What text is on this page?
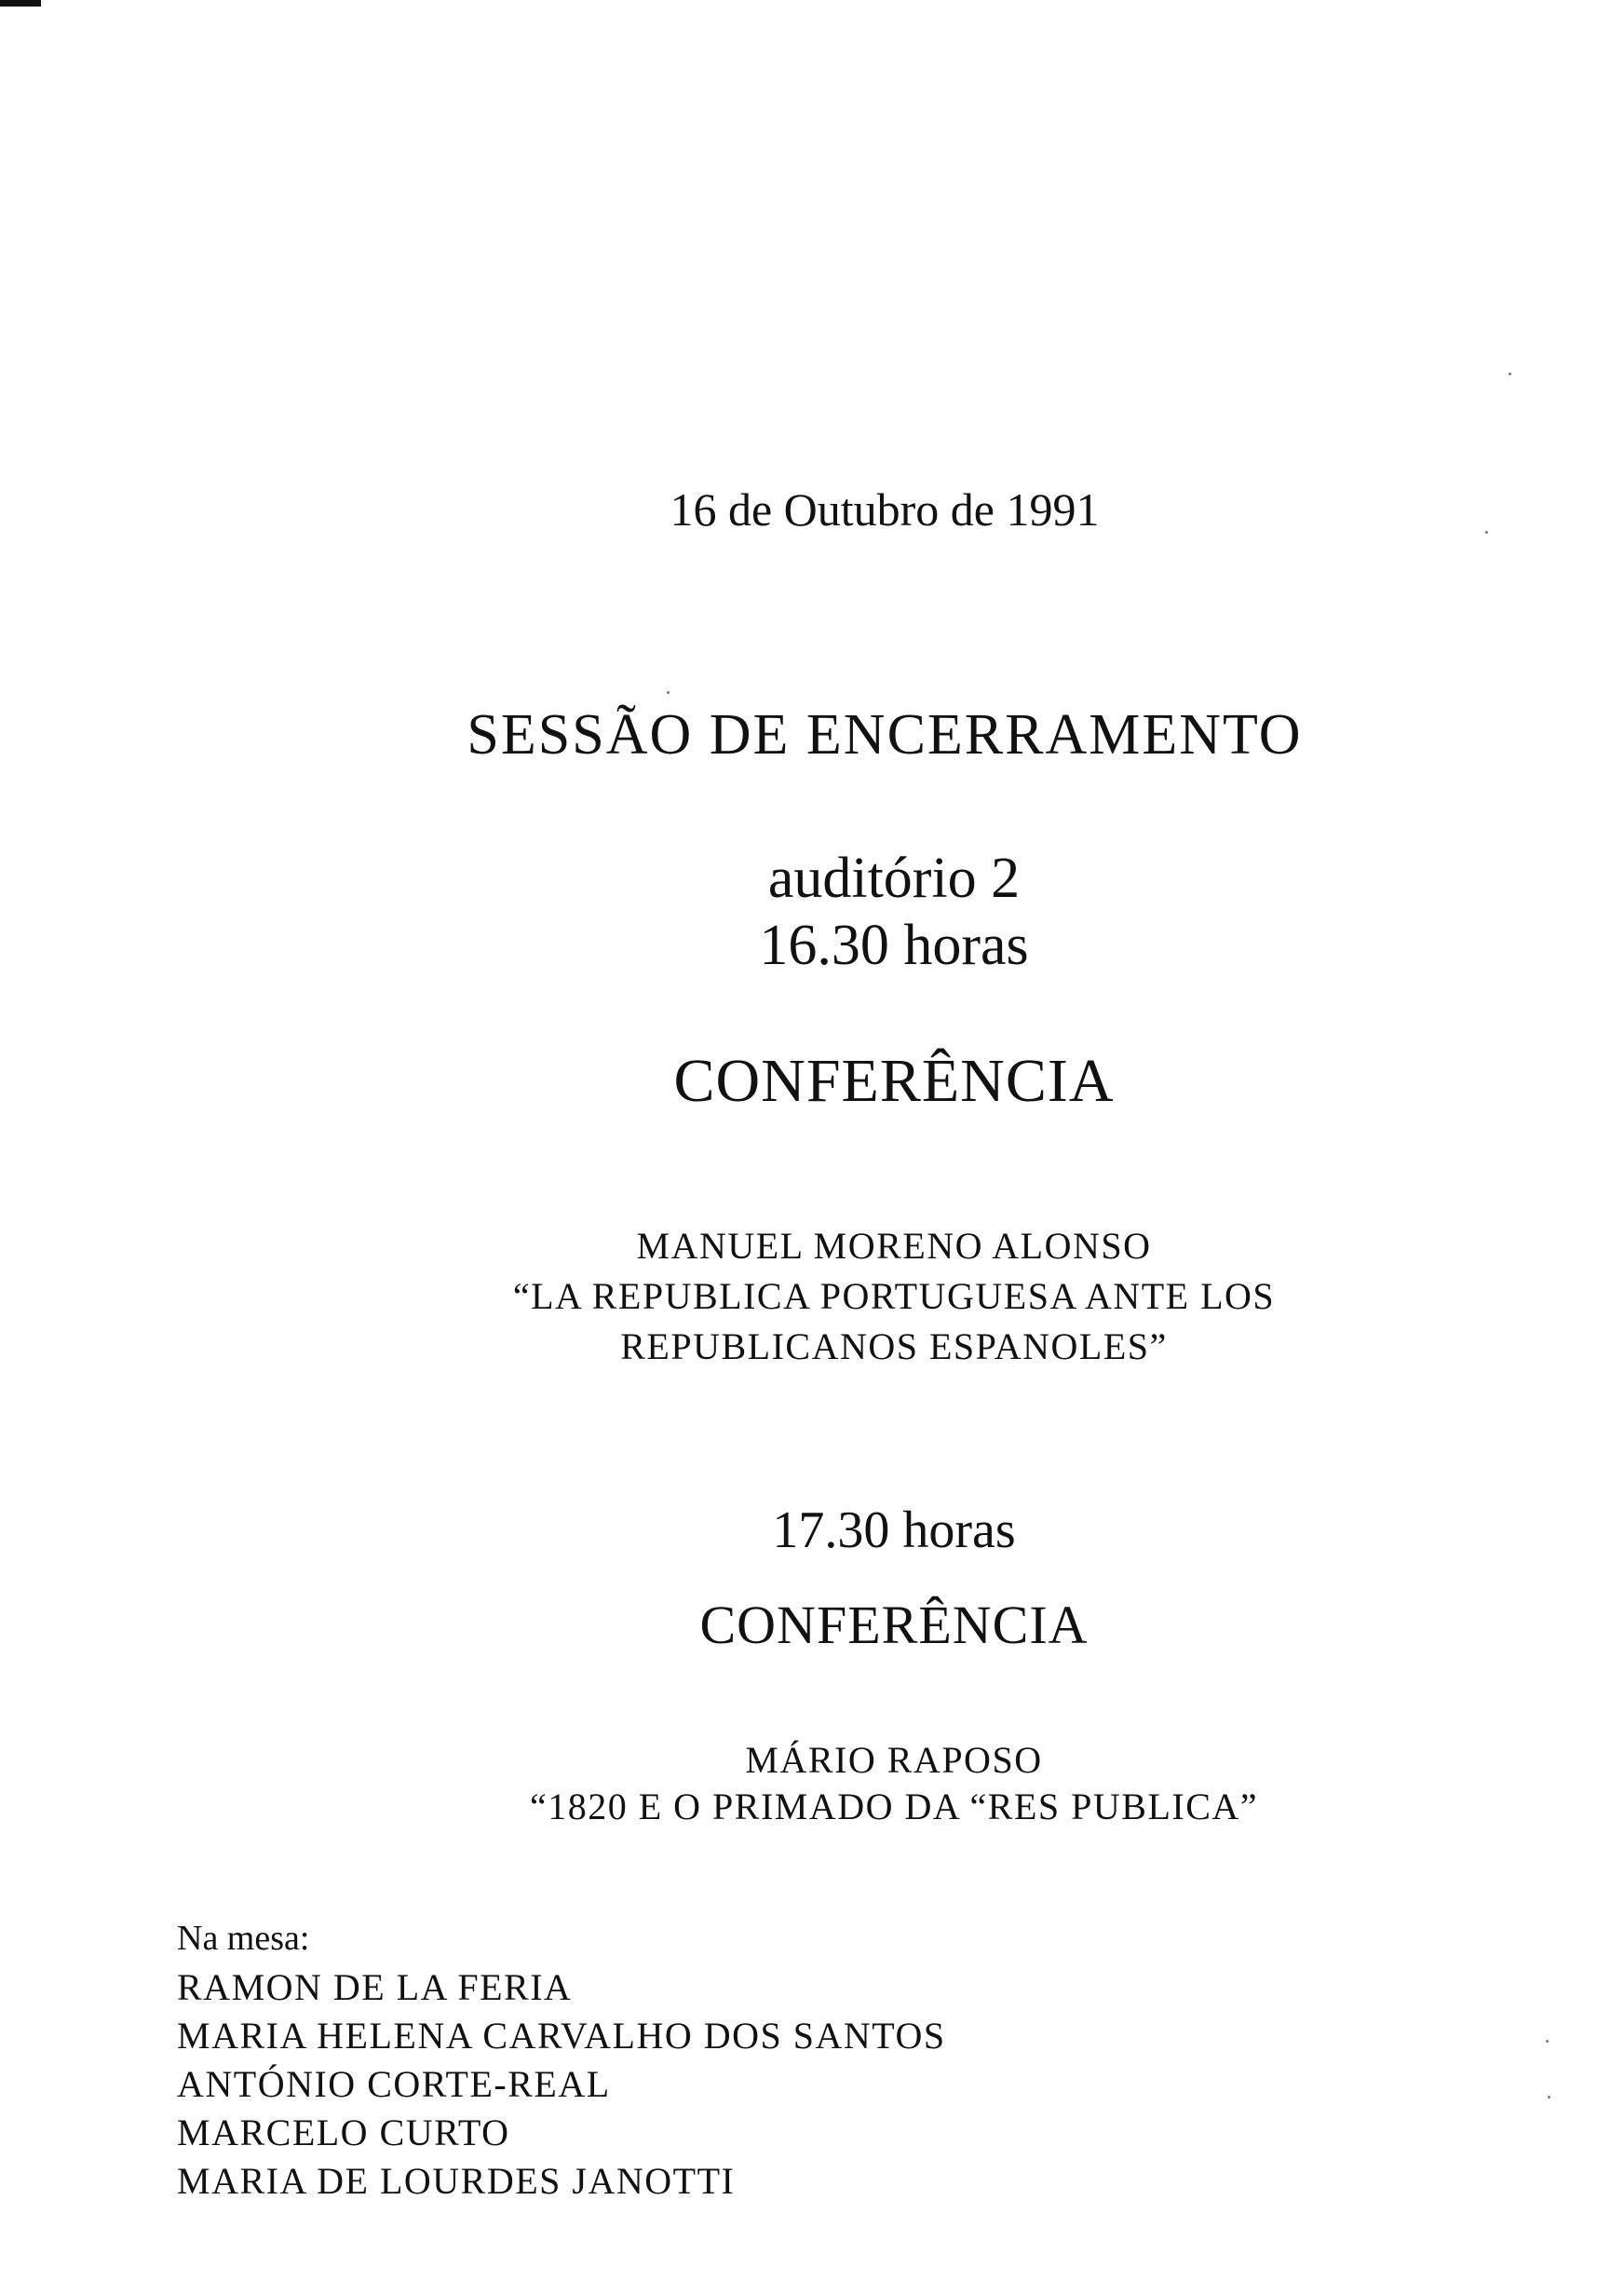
16 de Outubro de 1991
SESSÃO DE ENCERRAMENTO
auditório 2
16.30 horas
CONFERÊNCIA
MANUEL MORENO ALONSO
“LA REPUBLICA PORTUGUESA ANTE LOS
REPUBLICANOS ESPANOLES”
17.30 horas
CONFERÊNCIA
MÁRIO RAPOSO
“1820 E O PRIMADO DA “RES PUBLICA”
Na mesa:
RAMON DE LA FERIA
MARIA HELENA CARVALHO DOS SANTOS
ANTÓNIO CORTE-REAL
MARCELO CURTO
MARIA DE LOURDES JANOTTI
